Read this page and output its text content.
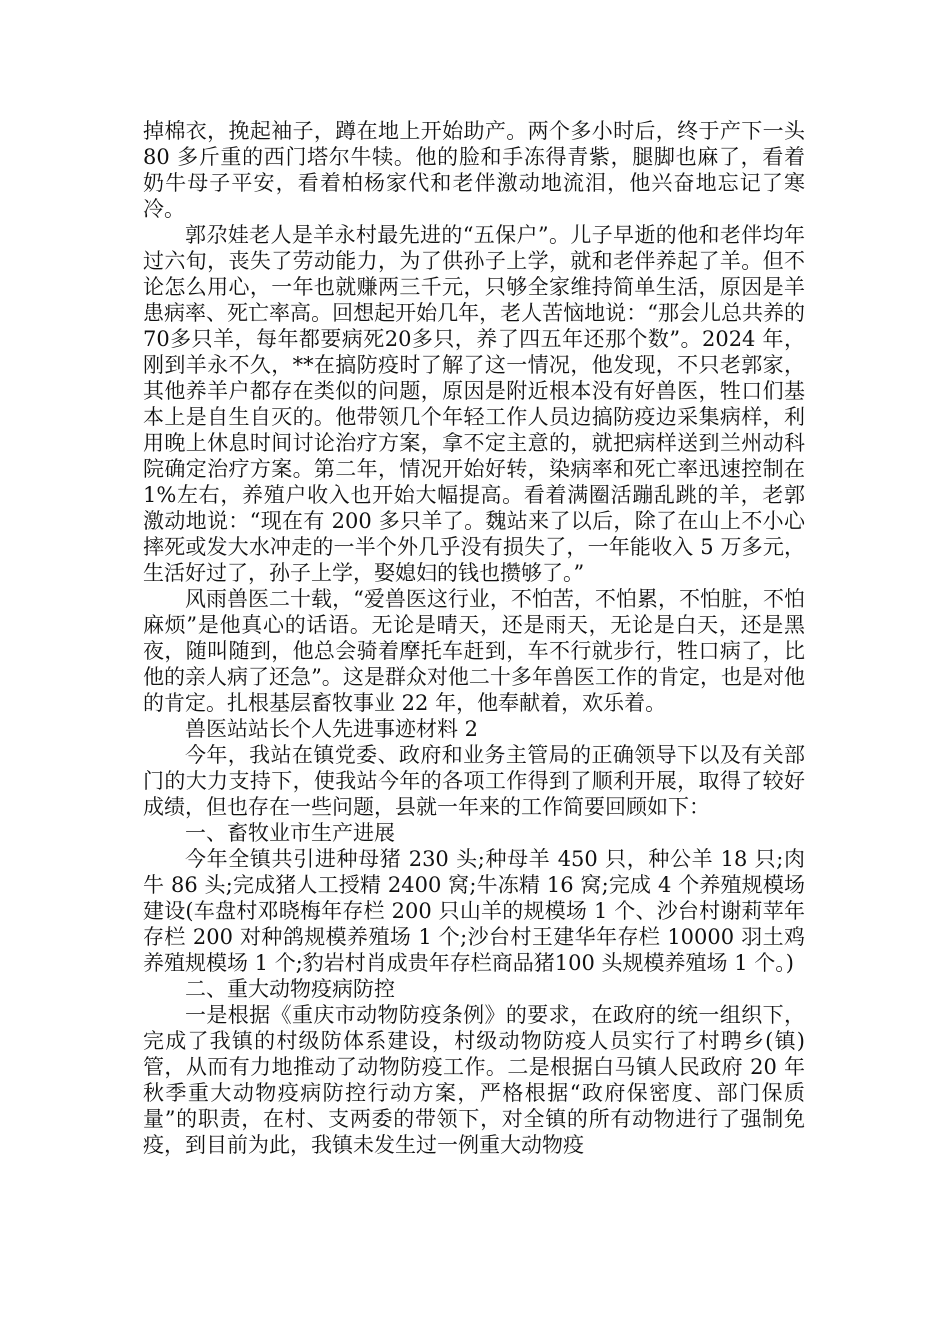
掉棉衣，挽起袖子，蹲在地上开始助产。两个多小时后，终于产下一头 80 多斤重的西门塔尔牛犊。他的脸和手冻得青紫，腿脚也麻了，看着奶牛母子平安，看着柏杨家代和老伴激动地流泪，他兴奋地忘记了寒冷。

郭尕娃老人是羊永村最先进的“五保户”。儿子早逝的他和老伴均年过六旬，丧失了劳动能力，为了供孙子上学，就和老伴养起了羊。但不论怎么用心，一年也就赚两三千元，只够全家维持简单生活，原因是羊患病率、死亡率高。回想起开始几年，老人苦恼地说：“那会儿总共养的70多只羊，每年都要病死20多只，养了四五年还那个数”。2024 年，刚到羊永不久，**在搞防疫时了解了这一情况，他发现，不只老郭家，其他养羊户都存在类似的问题，原因是附近根本没有好兽医，牲口们基本上是自生自灭的。他带领几个年轻工作人员边搞防疫边采集病样，利用晚上休息时间讨论治疗方案，拿不定主意的，就把病样送到兰州动科院确定治疗方案。第二年，情况开始好转，染病率和死亡率迅速控制在 1%左右，养殖户收入也开始大幅提高。看着满圈活蹦乱跳的羊，老郭激动地说：“现在有 200 多只羊了。魏站来了以后，除了在山上不小心摔死或发大水冲走的一半个外几乎没有损失了，一年能收入 5 万多元，生活好过了，孙子上学，娶媳妇的钱也攒够了。”

风雨兽医二十载，“爱兽医这行业，不怕苦，不怕累，不怕脏，不怕麻烦”是他真心的话语。无论是晴天，还是雨天，无论是白天，还是黑夜，随叫随到，他总会骑着摩托车赶到，车不行就步行，牲口病了，比他的亲人病了还急”。这是群众对他二十多年兽医工作的肯定，也是对他的肯定。扎根基层畜牧事业 22 年，他奉献着，欢乐着。

兽医站站长个人先进事迹材料 2

今年，我站在镇党委、政府和业务主管局的正确领导下以及有关部门的大力支持下，使我站今年的各项工作得到了顺利开展，取得了较好成绩，但也存在一些问题，县就一年来的工作简要回顾如下：

一、畜牧业市生产进展

今年全镇共引进种母猪 230 头;种母羊 450 只，种公羊 18 只;肉牛 86 头;完成猪人工授精 2400 窝;牛冻精 16 窝;完成 4 个养殖规模场建设(车盘村邓晓梅年存栏 200 只山羊的规模场 1 个、沙台村谢莉苹年存栏 200 对种鸽规模养殖场 1 个;沙台村王建华年存栏 10000 羽土鸡养殖规模场 1 个;豹岩村肖成贵年存栏商品猪100 头规模养殖场 1 个。)

二、重大动物疫病防控

一是根据《重庆市动物防疫条例》的要求，在政府的统一组织下，完成了我镇的村级防体系建设，村级动物防疫人员实行了村聘乡(镇)管，从而有力地推动了动物防疫工作。二是根据白马镇人民政府 20 年秋季重大动物疫病防控行动方案，严格根据“政府保密度、部门保质量”的职责，在村、支两委的带领下，对全镇的所有动物进行了强制免疫，到目前为此，我镇未发生过一例重大动物疫
